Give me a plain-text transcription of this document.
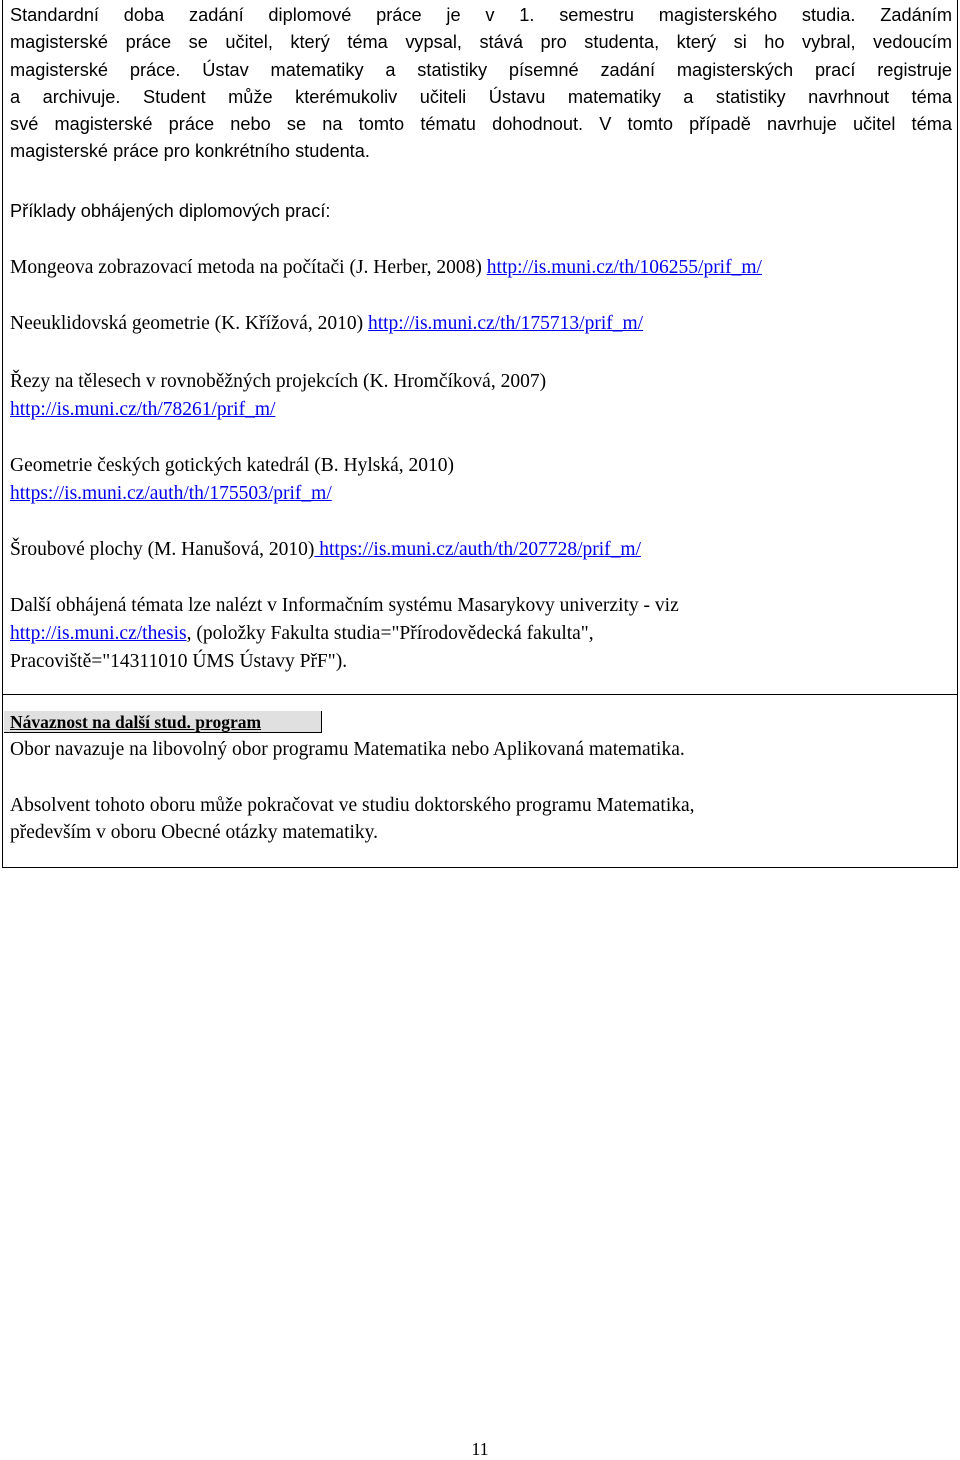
Standardní doba zadání diplomové práce je v 1. semestru magisterského studia. Zadáním
magisterské práce se učitel, který téma vypsal, stává pro studenta, který si ho vybral, vedoucím
magisterské práce. Ústav matematiky a statistiky písemné zadání magisterských prací registruje
a archivuje. Student může kterémukoliv učiteli Ústavu matematiky a statistiky navrhnout téma
své magisterské práce nebo se na tomto tématu dohodnout. V tomto případě navrhuje učitel téma
magisterské práce pro konkrétního studenta.
Příklady obhájených diplomových prací:
Mongeova zobrazovací metoda na počítači (J. Herber, 2008) http://is.muni.cz/th/106255/prif_m/
Neeuklidovská geometrie (K. Křížová, 2010) http://is.muni.cz/th/175713/prif_m/
Řezy na tělesech v rovnoběžných projekcích (K. Hromčíková, 2007)
http://is.muni.cz/th/78261/prif_m/
Geometrie českých gotických katedrál (B. Hylská, 2010)
https://is.muni.cz/auth/th/175503/prif_m/
Šroubové plochy (M. Hanušová, 2010) https://is.muni.cz/auth/th/207728/prif_m/
Další obhájená témata lze nalézt v Informačním systému Masarykovy univerzity - viz
http://is.muni.cz/thesis, (položky Fakulta studia="Přírodovědecká fakulta",
Pracoviště="14311010 ÚMS Ústavy PřF").
Návaznost na další stud. program
Obor navazuje na libovolný obor programu Matematika nebo Aplikovaná matematika.
Absolvent tohoto oboru může pokračovat ve studiu doktorského programu Matematika,
především v oboru Obecné otázky matematiky.
11
